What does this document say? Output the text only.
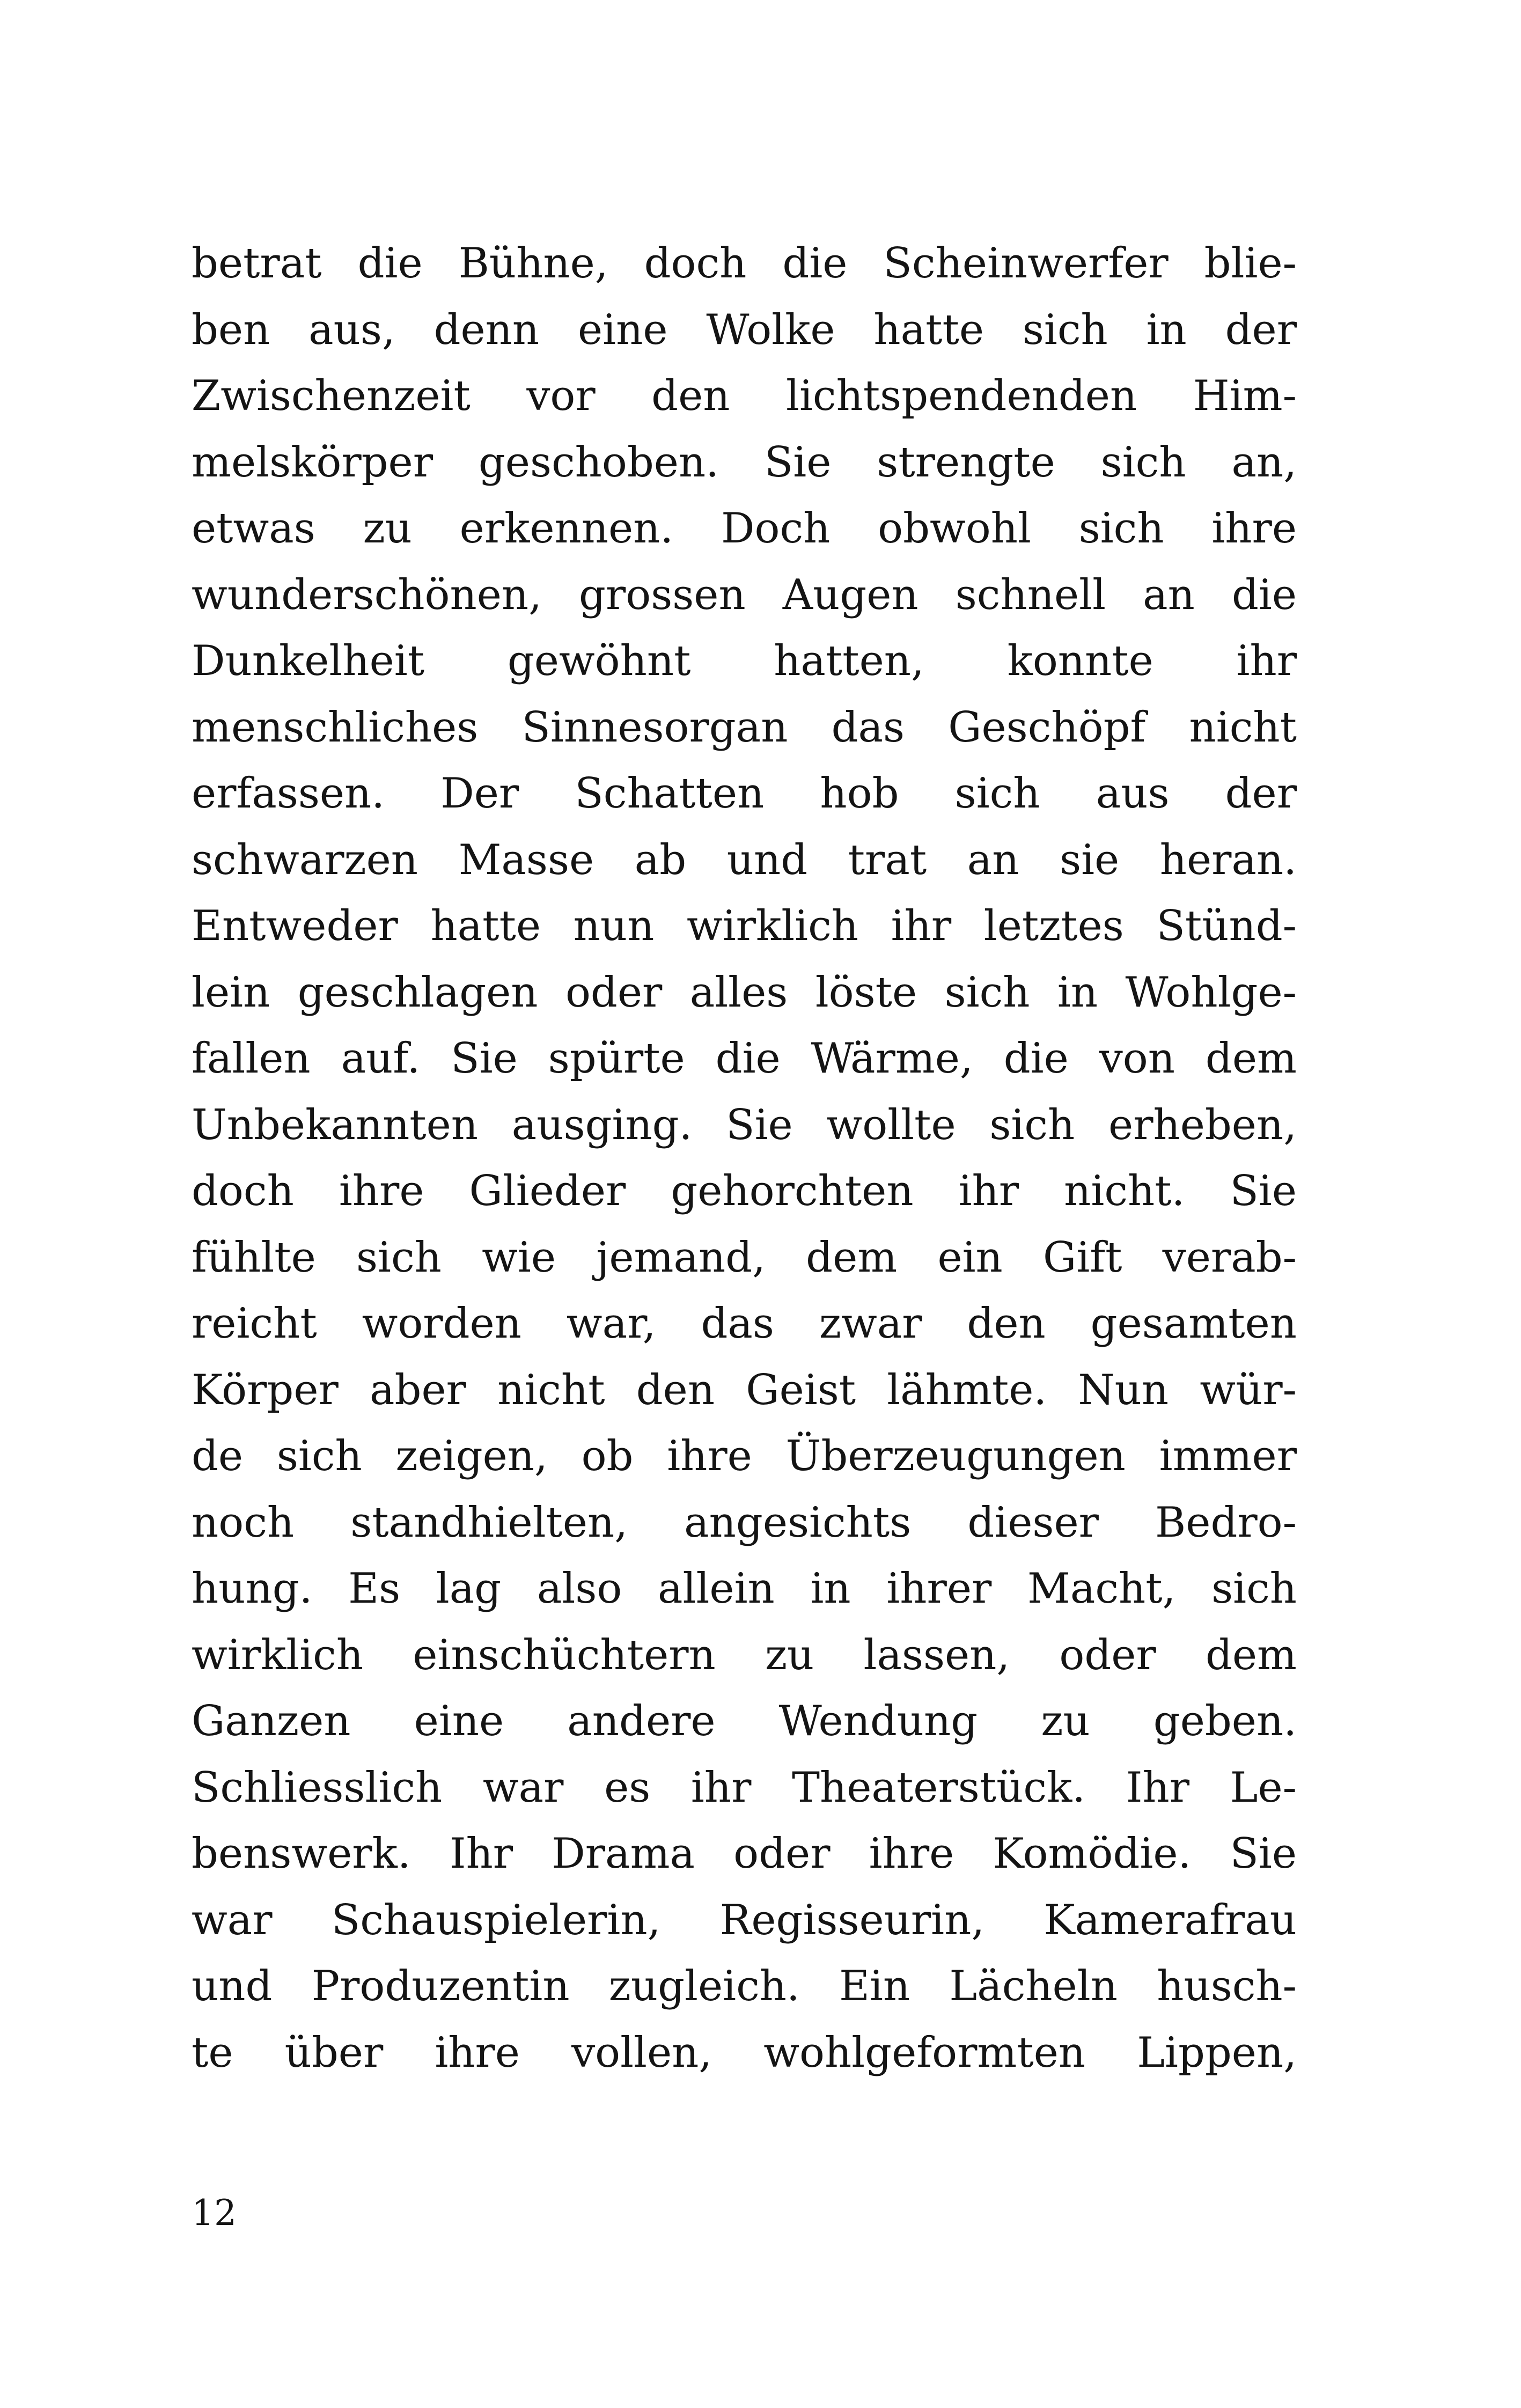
betrat die Bühne, doch die Scheinwerfer blie-
ben aus, denn eine Wolke hatte sich in der
Zwischenzeit vor den lichtspendenden Him-
melskörper geschoben. Sie strengte sich an,
etwas zu erkennen. Doch obwohl sich ihre
wunderschönen, grossen Augen schnell an die
Dunkelheit gewöhnt hatten, konnte ihr
menschliches Sinnesorgan das Geschöpf nicht
erfassen. Der Schatten hob sich aus der
schwarzen Masse ab und trat an sie heran.
Entweder hatte nun wirklich ihr letztes Stünd-
lein geschlagen oder alles löste sich in Wohlge-
fallen auf. Sie spürte die Wärme, die von dem
Unbekannten ausging. Sie wollte sich erheben,
doch ihre Glieder gehorchten ihr nicht. Sie
fühlte sich wie jemand, dem ein Gift verab-
reicht worden war, das zwar den gesamten
Körper aber nicht den Geist lähmte. Nun wür-
de sich zeigen, ob ihre Überzeugungen immer
noch standhielten, angesichts dieser Bedro-
hung. Es lag also allein in ihrer Macht, sich
wirklich einschüchtern zu lassen, oder dem
Ganzen eine andere Wendung zu geben.
Schliesslich war es ihr Theaterstück. Ihr Le-
benswerk. Ihr Drama oder ihre Komödie. Sie
war Schauspielerin, Regisseurin, Kamerafrau
und Produzentin zugleich. Ein Lächeln husch-
te über ihre vollen, wohlgeformten Lippen,
12
